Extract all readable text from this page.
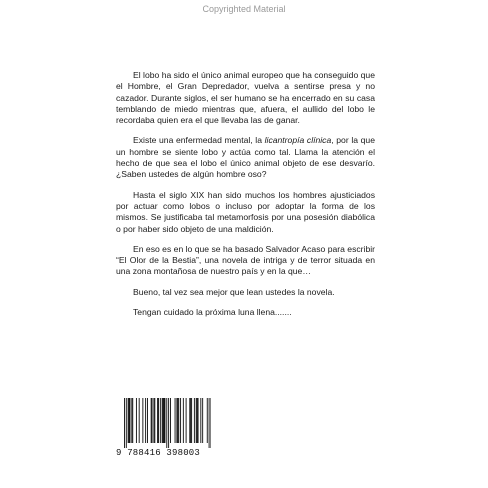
Copyrighted Material

El lobo ha sido el único animal europeo que ha conseguido que el Hombre, el Gran Depredador, vuelva a sentirse presa y no cazador. Durante siglos, el ser humano se ha encerrado en su casa temblando de miedo mientras que, afuera, el aullido del lobo le recordaba quien era el que llevaba las de ganar.

Existe una enfermedad mental, la licantropía clínica, por la que un hombre se siente lobo y actúa como tal. Llama la atención el hecho de que sea el lobo el único animal objeto de ese desvarío. ¿Saben ustedes de algún hombre oso?

Hasta el siglo XIX han sido muchos los hombres ajusticiados por actuar como lobos o incluso por adoptar la forma de los mismos. Se justificaba tal metamorfosis por una posesión diabólica o por haber sido objeto de una maldición.

En eso es en lo que se ha basado Salvador Acaso para escribir “El Olor de la Bestia”, una novela de intriga y de terror situada en una zona montañosa de nuestro país y en la que…

Bueno, tal vez sea mejor que lean ustedes la novela.

Tengan cuidado la próxima luna llena.......

9 788416 398003
